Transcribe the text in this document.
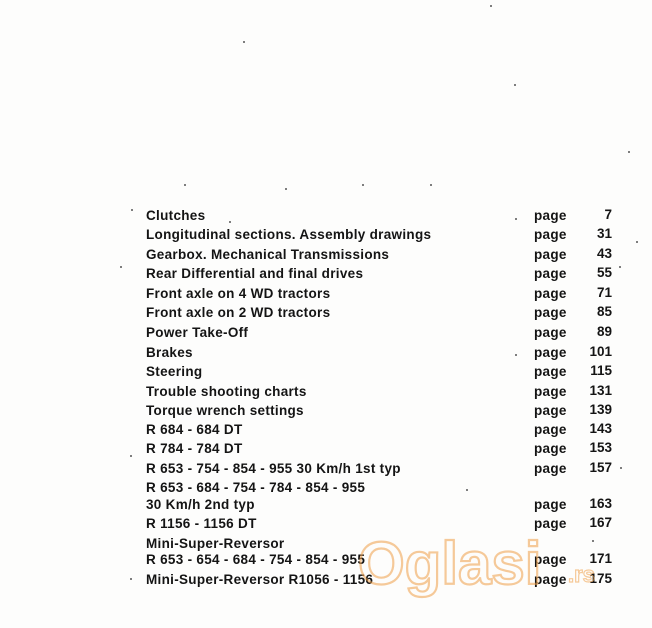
Clutches	page	7
Longitudinal sections. Assembly drawings	page	31
Gearbox. Mechanical Transmissions	page	43
Rear Differential and final drives	page	55
Front axle on 4 WD tractors	page	71
Front axle on 2 WD tractors	page	85
Power Take-Off	page	89
Brakes	page	101
Steering	page	115
Trouble shooting charts	page	131
Torque wrench settings	page	139
R 684 - 684 DT	page	143
R 784 - 784 DT	page	153
R 653 - 754 - 854 - 955 30 Km/h 1st typ	page	157
R 653 - 684 - 754 - 784 - 854 - 955
30 Km/h 2nd typ	page	163
R 1156 - 1156 DT	page	167
Mini-Super-Reversor
R 653 - 654 - 684 - 754 - 854 - 955	page	171
Mini-Super-Reversor R1056 - 1156	page	175
Oglasi .rs
